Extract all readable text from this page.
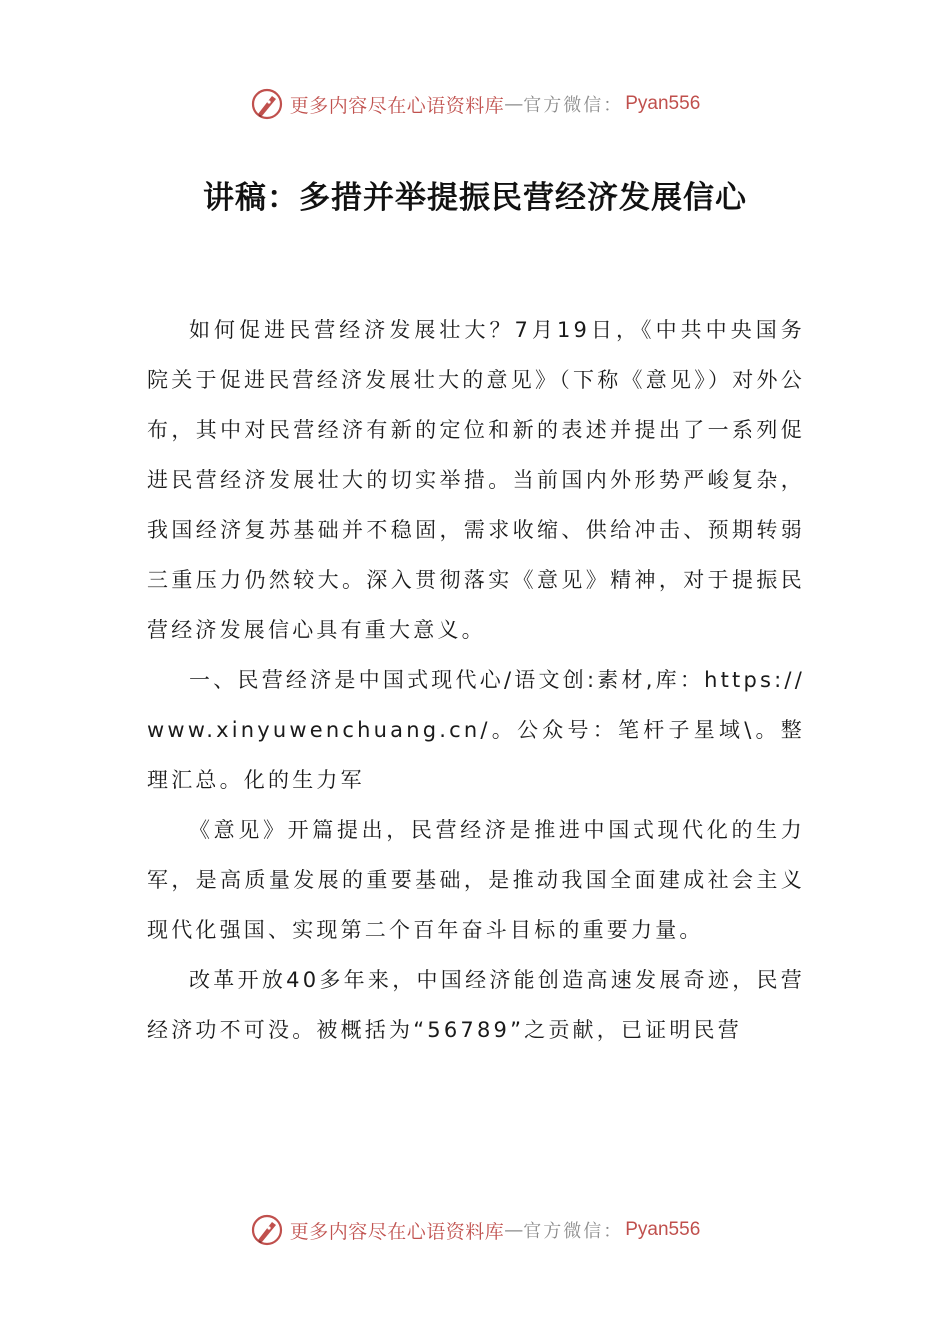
更多内容尽在心语资料库 — 官方微信： Pyan556
讲稿：多措并举提振民营经济发展信心

如何促进民营经济发展壮大？7月19日，《中共中央国务院关于促进民营经济发展壮大的意见》（下称《意见》）对外公布，其中对民营经济有新的定位和新的表述并提出了一系列促进民营经济发展壮大的切实举措。当前国内外形势严峻复杂，我国经济复苏基础并不稳固，需求收缩、供给冲击、预期转弱三重压力仍然较大。深入贯彻落实《意见》精神，对于提振民营经济发展信心具有重大意义。

一、民营经济是中国式现代心/语文创:素材,库：https://www.xinyuwenchuang.cn/。公众号：笔杆子星域\。整理汇总。化的生力军

《意见》开篇提出，民营经济是推进中国式现代化的生力军，是高质量发展的重要基础，是推动我国全面建成社会主义现代化强国、实现第二个百年奋斗目标的重要力量。

改革开放40多年来，中国经济能创造高速发展奇迹，民营经济功不可没。被概括为“56789”之贡献，已证明民营

更多内容尽在心语资料库 — 官方微信： Pyan556
